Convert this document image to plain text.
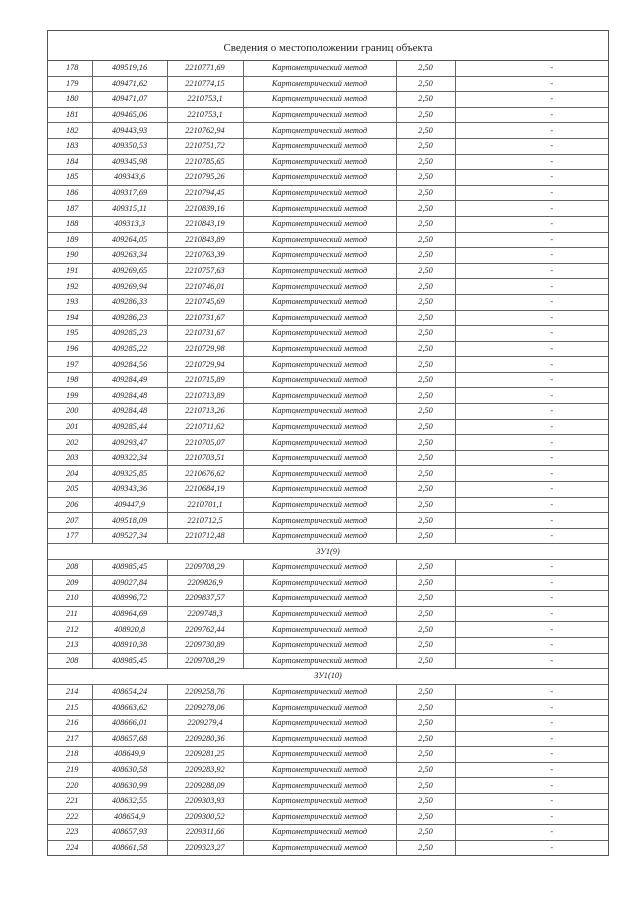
Сведения о местоположении границ объекта
178	409519,16	2210771,69	Картометрический метод	2,50	-
179	409471,62	2210774,15	Картометрический метод	2,50	-
180	409471,07	2210753,1	Картометрический метод	2,50	-
181	409465,06	2210753,1	Картометрический метод	2,50	-
182	409443,93	2210762,94	Картометрический метод	2,50	-
183	409350,53	2210751,72	Картометрический метод	2,50	-
184	409345,98	2210785,65	Картометрический метод	2,50	-
185	409343,6	2210795,26	Картометрический метод	2,50	-
186	409317,69	2210794,45	Картометрический метод	2,50	-
187	409315,11	2210839,16	Картометрический метод	2,50	-
188	409313,3	2210843,19	Картометрический метод	2,50	-
189	409264,05	2210843,89	Картометрический метод	2,50	-
190	409263,34	2210763,39	Картометрический метод	2,50	-
191	409269,65	2210757,63	Картометрический метод	2,50	-
192	409269,94	2210746,01	Картометрический метод	2,50	-
193	409286,33	2210745,69	Картометрический метод	2,50	-
194	409286,23	2210731,67	Картометрический метод	2,50	-
195	409285,23	2210731,67	Картометрический метод	2,50	-
196	409285,22	2210729,98	Картометрический метод	2,50	-
197	409284,56	2210729,94	Картометрический метод	2,50	-
198	409284,49	2210715,89	Картометрический метод	2,50	-
199	409284,48	2210713,89	Картометрический метод	2,50	-
200	409284,48	2210713,26	Картометрический метод	2,50	-
201	409285,44	2210711,62	Картометрический метод	2,50	-
202	409293,47	2210705,07	Картометрический метод	2,50	-
203	409322,34	2210703,51	Картометрический метод	2,50	-
204	409325,85	2210676,62	Картометрический метод	2,50	-
205	409343,36	2210684,19	Картометрический метод	2,50	-
206	409447,9	2210701,1	Картометрический метод	2,50	-
207	409518,09	2210712,5	Картометрический метод	2,50	-
177	409527,34	2210712,48	Картометрический метод	2,50	-
ЗУ1(9)					
208	408985,45	2209708,29	Картометрический метод	2,50	-
209	409027,84	2209826,9	Картометрический метод	2,50	-
210	408996,72	2209837,57	Картометрический метод	2,50	-
211	408964,69	2209748,3	Картометрический метод	2,50	-
212	408920,8	2209762,44	Картометрический метод	2,50	-
213	408910,38	2209730,89	Картометрический метод	2,50	-
208	408985,45	2209708,29	Картометрический метод	2,50	-
ЗУ1(10)					
214	408654,24	2209258,76	Картометрический метод	2,50	-
215	408663,62	2209278,06	Картометрический метод	2,50	-
216	408666,01	2209279,4	Картометрический метод	2,50	-
217	408657,68	2209280,36	Картометрический метод	2,50	-
218	408649,9	2209281,25	Картометрический метод	2,50	-
219	408630,58	2209283,92	Картометрический метод	2,50	-
220	408630,99	2209288,09	Картометрический метод	2,50	-
221	408632,55	2209303,93	Картометрический метод	2,50	-
222	408654,9	2209300,52	Картометрический метод	2,50	-
223	408657,93	2209311,66	Картометрический метод	2,50	-
224	408661,58	2209323,27	Картометрический метод	2,50	-
